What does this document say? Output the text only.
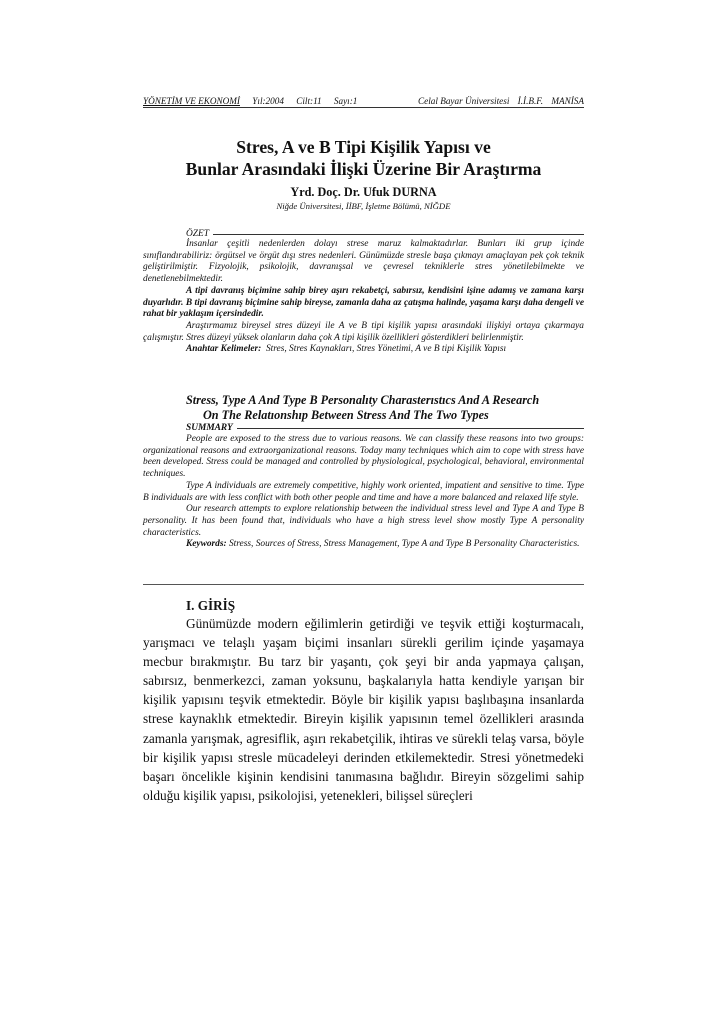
YÖNETİM VE EKONOMİ Yıl:2004 Cilt:11 Sayı:1	Celal Bayar Üniversitesi İ.İ.B.F. MANİSA
Stres, A ve B Tipi Kişilik Yapısı ve
Bunlar Arasındaki İlişki Üzerine Bir Araştırma
Yrd. Doç. Dr. Ufuk DURNA
Niğde Üniversitesi, İİBF, İşletme Bölümü, NİĞDE
ÖZET

İnsanlar çeşitli nedenlerden dolayı strese maruz kalmaktadırlar. Bunları iki grup içinde sınıflandırabiliriz: örgütsel ve örgüt dışı stres nedenleri. Günümüzde stresle başa çıkmayı amaçlayan pek çok teknik geliştirilmiştir. Fizyolojik, psikolojik, davranışsal ve çevresel tekniklerle stres yönetilebilmekte ve denetlenebilmektedir.

A tipi davranış biçimine sahip birey aşırı rekabetçi, sabırsız, kendisini işine adamış ve zamana karşı duyarlıdır. B tipi davranış biçimine sahip bireyse, zamanla daha az çatışma halinde, yaşama karşı daha dengeli ve rahat bir yaklaşım içersindedir.

Araştırmamız bireysel stres düzeyi ile A ve B tipi kişilik yapısı arasındaki ilişkiyi ortaya çıkarmaya çalışmıştır. Stres düzeyi yüksek olanların daha çok A tipi kişilik özellikleri gösterdikleri belirlenmiştir.

Anahtar Kelimeler: Stres, Stres Kaynakları, Stres Yönetimi, A ve B tipi Kişilik Yapısı

Stress, Type A And Type B Personalıty Charasterıstıcs And A Research
On The Relatıonshıp Between Stress And The Two Types
SUMMARY

People are exposed to the stress due to various reasons. We can classify these reasons into two groups: organizational reasons and extraorganizational reasons. Today many techniques which aim to cope with stress have been developed. Stress could be managed and controlled by physiological, psychological, behavioral, environmental techniques.

Type A individuals are extremely competitive, highly work oriented, impatient and sensitive to time. Type B individuals are with less conflict with both other people and time and have a more balanced and relaxed life style.

Our research attempts to explore relationship between the individual stress level and Type A and Type B personality. It has been found that, individuals who have a high stress level show mostly Type A personality characteristics.

Keywords: Stress, Sources of Stress, Stress Management, Type A and Type B Personality Characteristics.

I. GİRİŞ

Günümüzde modern eğilimlerin getirdiği ve teşvik ettiği koşturmacalı, yarışmacı ve telaşlı yaşam biçimi insanları sürekli gerilim içinde yaşamaya mecbur bırakmıştır. Bu tarz bir yaşantı, çok şeyi bir anda yapmaya çalışan, sabırsız, benmerkezci, zaman yoksunu, başkalarıyla hatta kendiyle yarışan bir kişilik yapısını teşvik etmektedir. Böyle bir kişilik yapısı başlıbaşına insanlarda strese kaynaklık etmektedir. Bireyin kişilik yapısının temel özellikleri arasında zamanla yarışmak, agresiflik, aşırı rekabetçilik, ihtiras ve sürekli telaş varsa, böyle bir kişilik yapısı stresle mücadeleyi derinden etkilemektedir. Stresi yönetmedeki başarı öncelikle kişinin kendisini tanımasına bağlıdır. Bireyin sözgelimi sahip olduğu kişilik yapısı, psikolojisi, yetenekleri, bilişsel süreçleri
